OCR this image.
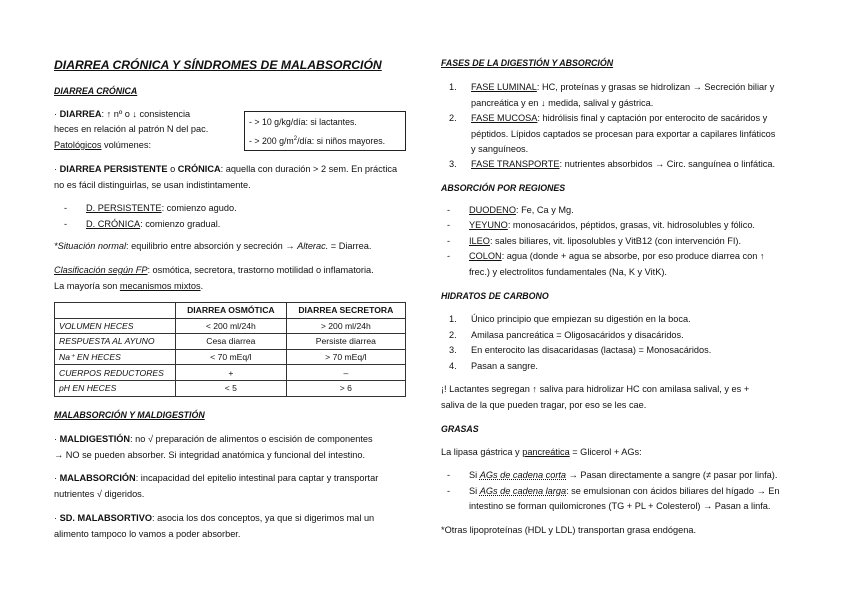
DIARREA CRÓNICA Y SÍNDROMES DE MALABSORCIÓN
DIARREA CRÓNICA
· DIARREA: ↑ nº o ↓ consistencia
heces en relación al patrón N del pac.
Patológicos volúmenes:
- > 10 g/kg/día: si lactantes.
- > 200 $g/m^2$/día: si niños mayores.
· DIARREA PERSISTENTE o CRÓNICA: aquella con duración > 2 sem. En práctica
no es fácil distinguirlas, se usan indistintamente.
- D. PERSISTENTE: comienzo agudo.
- D. CRÓNICA: comienzo gradual.
*Situación normal: equilibrio entre absorción y secreción → Alterac. = Diarrea.
Clasificación según FP: osmótica, secretora, trastorno motilidad o inflamatoria.
La mayoría son mecanismos mixtos.
	DIARREA OSMÓTICA	DIARREA SECRETORA
VOLUMEN HECES	< 200 ml/24h	> 200 ml/24h
RESPUESTA AL AYUNO	Cesa diarrea	Persiste diarrea
Na⁺ EN HECES	< 70 mEq/l	> 70 mEq/l
CUERPOS REDUCTORES	+	–
pH EN HECES	< 5	> 6
MALABSORCIÓN Y MALDIGESTIÓN
· MALDIGESTIÓN: no √ preparación de alimentos o escisión de componentes
→ NO se pueden absorber. Si integridad anatómica y funcional del intestino.
· MALABSORCIÓN: incapacidad del epitelio intestinal para captar y transportar
nutrientes √ digeridos.
· SD. MALABSORTIVO: asocia los dos conceptos, ya que si digerimos mal un
alimento tampoco lo vamos a poder absorber.
FASES DE LA DIGESTIÓN Y ABSORCIÓN
1. FASE LUMINAL: HC, proteínas y grasas se hidrolizan → Secreción biliar y
pancreática y en ↓ medida, salival y gástrica.
2. FASE MUCOSA: hidrólisis final y captación por enterocito de sacáridos y
péptidos. Lípidos captados se procesan para exportar a capilares linfáticos
y sanguíneos.
3. FASE TRANSPORTE: nutrientes absorbidos → Circ. sanguínea o linfática.
ABSORCIÓN POR REGIONES
- DUODENO: Fe, Ca y Mg.
- YEYUNO: monosacáridos, péptidos, grasas, vit. hidrosolubles y fólico.
- ILEO: sales biliares, vit. liposolubles y VitB12 (con intervención FI).
- COLON: agua (donde + agua se absorbe, por eso produce diarrea con ↑
frec.) y electrolitos fundamentales (Na, K y VitK).
HIDRATOS DE CARBONO
1. Único principio que empiezan su digestión en la boca.
2. Amilasa pancreática = Oligosacáridos y disacáridos.
3. En enterocito las disacaridasas (lactasa) = Monosacáridos.
4. Pasan a sangre.
¡! Lactantes segregan ↑ saliva para hidrolizar HC con amilasa salival, y es +
saliva de la que pueden tragar, por eso se les cae.
GRASAS
La lipasa gástrica y pancreática = Glicerol + AGs:
- Si AGs de cadena corta → Pasan directamente a sangre (≠ pasar por linfa).
- Si AGs de cadena larga: se emulsionan con ácidos biliares del hígado → En
intestino se forman quilomicrones (TG + PL + Colesterol) → Pasan a linfa.
*Otras lipoproteínas (HDL y LDL) transportan grasa endógena.
